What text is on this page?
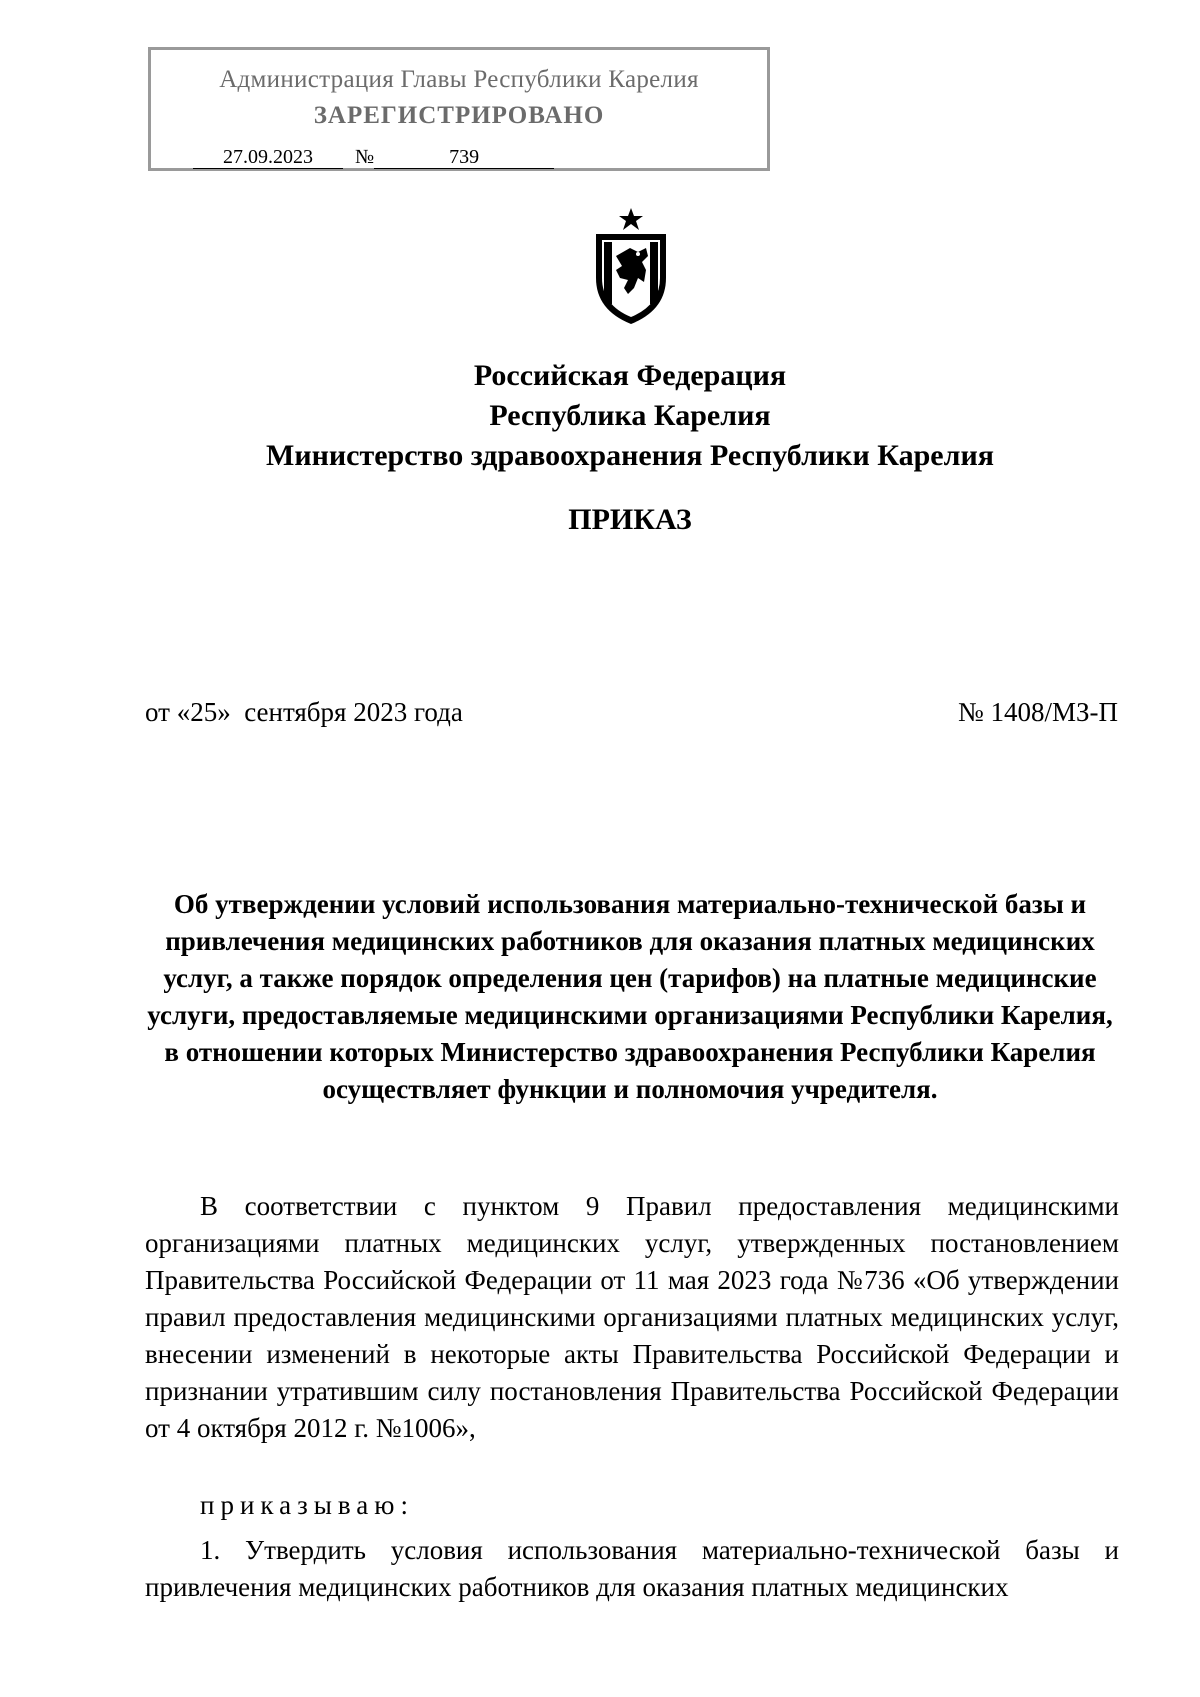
Администрация Главы Республики Карелия
ЗАРЕГИСТРИРОВАНО
27.09.2023 №	739
Российская Федерация
Республика Карелия
Министерство здравоохранения Республики Карелия
ПРИКАЗ
от «25»  сентября 2023 года	№ 1408/МЗ-П
Об утверждении условий использования материально-технической базы и привлечения медицинских работников для оказания платных медицинских услуг, а также порядок определения цен (тарифов) на платные медицинские услуги, предоставляемые медицинскими организациями Республики Карелия, в отношении которых Министерство здравоохранения Республики Карелия осуществляет функции и полномочия учредителя.
В соответствии с пунктом 9 Правил предоставления медицинскими организациями платных медицинских услуг, утвержденных постановлением Правительства Российской Федерации от 11 мая 2023 года №736 «Об утверждении правил предоставления медицинскими организациями платных медицинских услуг, внесении изменений в некоторые акты Правительства Российской Федерации и признании утратившим силу постановления Правительства Российской Федерации от 4 октября 2012 г. №1006»,
приказываю:
1. Утвердить условия использования материально-технической базы и привлечения медицинских работников для оказания платных медицинских
